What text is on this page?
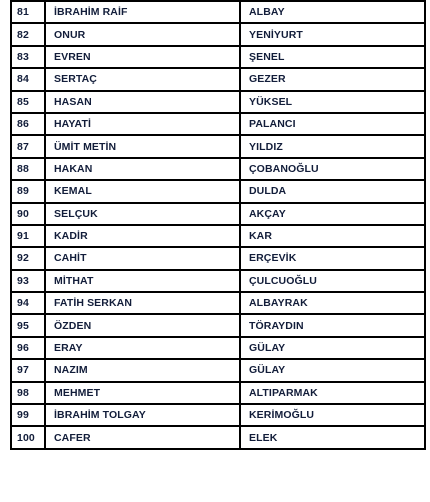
81	İBRAHİM RAİF	ALBAY
82	ONUR	YENİYURT
83	EVREN	ŞENEL
84	SERTAÇ	GEZER
85	HASAN	YÜKSEL
86	HAYATİ	PALANCI
87	ÜMİT METİN	YILDIZ
88	HAKAN	ÇOBANOĞLU
89	KEMAL	DULDA
90	SELÇUK	AKÇAY
91	KADİR	KAR
92	CAHİT	ERÇEVİK
93	MİTHAT	ÇULCUOĞLU
94	FATİH SERKAN	ALBAYRAK
95	ÖZDEN	TÖRAYDIN
96	ERAY	GÜLAY
97	NAZIM	GÜLAY
98	MEHMET	ALTIPARMAK
99	İBRAHİM TOLGAY	KERİMOĞLU
100	CAFER	ELEK
